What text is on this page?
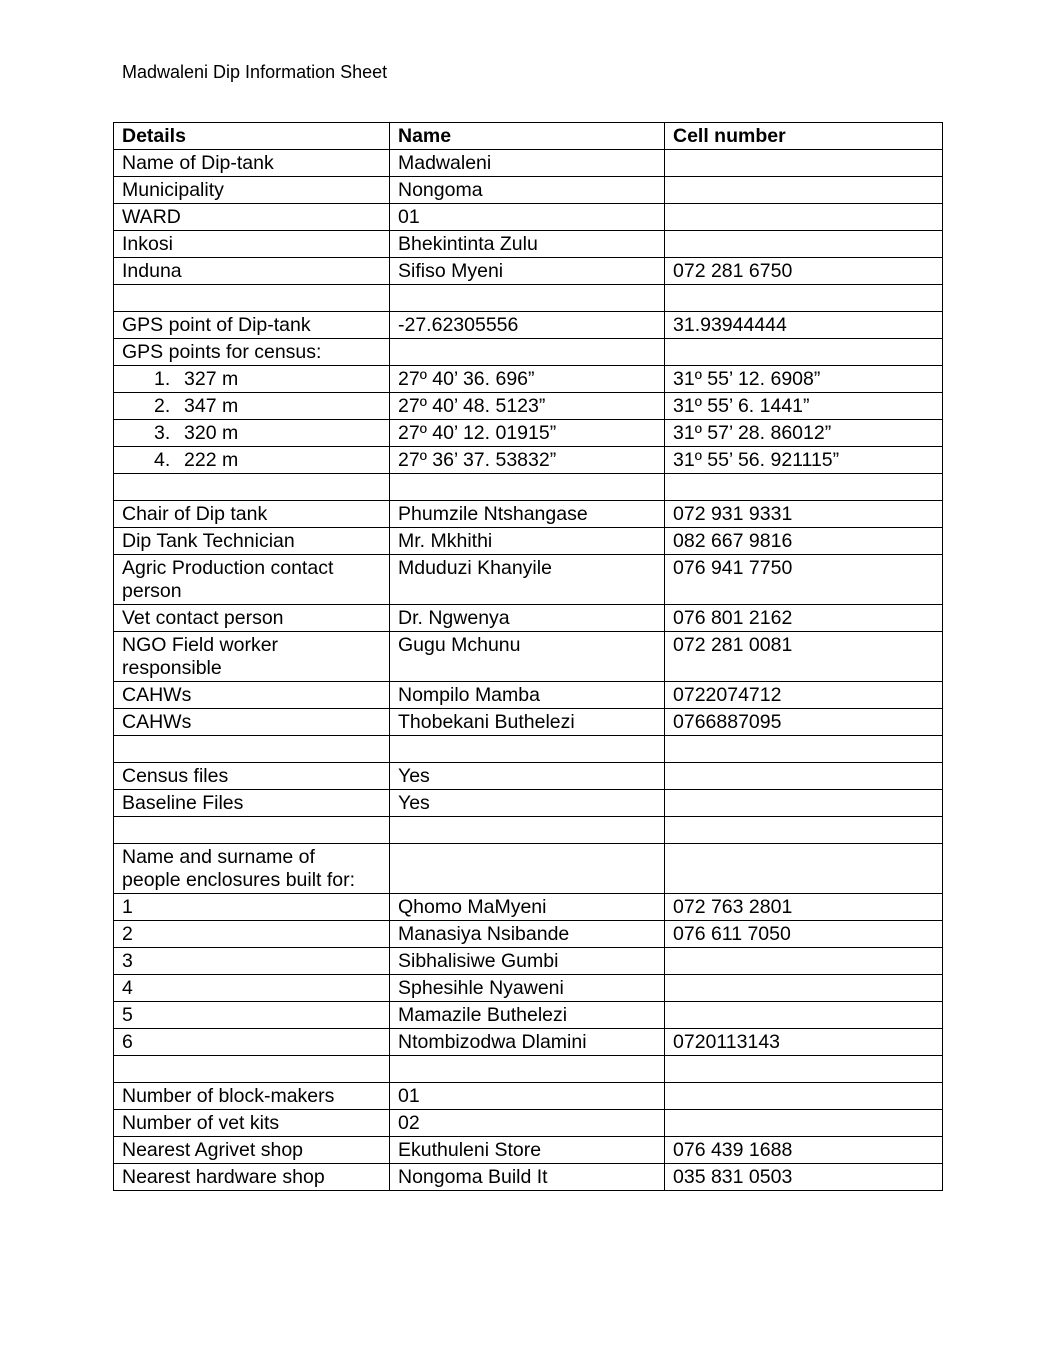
Madwaleni Dip Information Sheet
Details	Name	Cell number
Name of Dip-tank	Madwaleni	
Municipality	Nongoma	
WARD	01	
Inkosi	Bhekintinta Zulu	
Induna	Sifiso Myeni	072 281 6750

GPS point of Dip-tank	-27.62305556	31.93944444
GPS points for census:		
1. 327 m	27º 40’ 36. 696”	31º 55’ 12. 6908”
2. 347 m	27º 40’ 48. 5123”	31º 55’ 6. 1441”
3. 320 m	27º 40’ 12. 01915”	31º 57’ 28. 86012”
4. 222 m	27º 36’ 37. 53832”	31º 55’ 56. 921115”

Chair of Dip tank	Phumzile Ntshangase	072 931 9331
Dip Tank Technician	Mr. Mkhithi	082 667 9816
Agric Production contact
person	Mduduzi Khanyile	076 941 7750
Vet contact person	Dr. Ngwenya	076 801 2162
NGO Field worker
responsible	Gugu Mchunu	072 281 0081
CAHWs	Nompilo Mamba	0722074712
CAHWs	Thobekani Buthelezi	0766887095

Census files	Yes	
Baseline Files	Yes	

Name and surname of
people enclosures built for:		
1	Qhomo MaMyeni	072 763 2801
2	Manasiya Nsibande	076 611 7050
3	Sibhalisiwe Gumbi	
4	Sphesihle Nyaweni	
5	Mamazile Buthelezi	
6	Ntombizodwa Dlamini	0720113143

Number of block-makers	01	
Number of vet kits	02	
Nearest Agrivet shop	Ekuthuleni Store	076 439 1688
Nearest hardware shop	Nongoma Build It	035 831 0503
